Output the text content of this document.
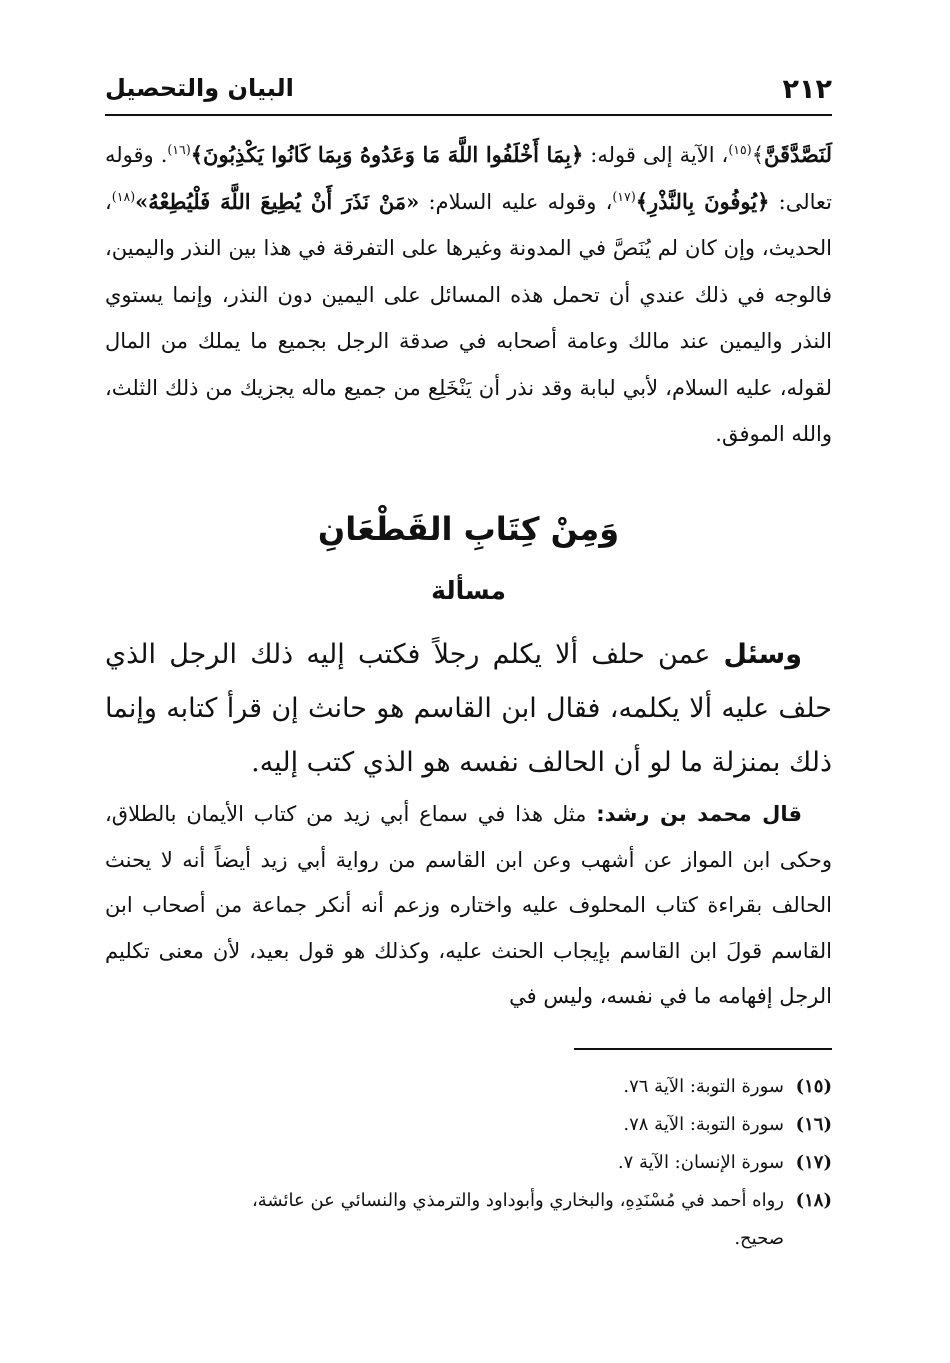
٢١٢
البيان والتحصيل
لَنَصَّدَّقَنَّ﴾$^{(١٥)}$، الآية إلى قوله: ﴿بِمَا أَخْلَفُوا اللَّهَ مَا وَعَدُوهُ وَبِمَا كَانُوا يَكْذِبُونَ﴾$^{(١٦)}$. وقوله تعالى: ﴿يُوفُونَ بِالنَّذْرِ﴾$^{(١٧)}$، وقوله عليه السلام: «مَنْ نَذَرَ أَنْ يُطِيعَ اللَّهَ فَلْيُطِعْهُ»$^{(١٨)}$، الحديث، وإن كان لم يُنَصَّ في المدونة وغيرها على التفرقة في هذا بين النذر واليمين، فالوجه في ذلك عندي أن تحمل هذه المسائل على اليمين دون النذر، وإنما يستوي النذر واليمين عند مالك وعامة أصحابه في صدقة الرجل بجميع ما يملك من المال لقوله، عليه السلام، لأبي لبابة وقد نذر أن يَنْخَلِع من جميع ماله يجزيك من ذلك الثلث، والله الموفق.
وَمِنْ كِتَابِ القَطْعَانِ
مسألة
وسئل عمن حلف ألا يكلم رجلاً فكتب إليه ذلك الرجل الذي حلف عليه ألا يكلمه، فقال ابن القاسم هو حانث إن قرأ كتابه وإنما ذلك بمنزلة ما لو أن الحالف نفسه هو الذي كتب إليه.
قال محمد بن رشد: مثل هذا في سماع أبي زيد من كتاب الأيمان بالطلاق، وحكى ابن المواز عن أشهب وعن ابن القاسم من رواية أبي زيد أيضاً أنه لا يحنث الحالف بقراءة كتاب المحلوف عليه واختاره وزعم أنه أنكر جماعة من أصحاب ابن القاسم قولَ ابن القاسم بإيجاب الحنث عليه، وكذلك هو قول بعيد، لأن معنى تكليم الرجل إفهامه ما في نفسه، وليس في
(١٥)
سورة التوبة: الآية ٧٦.
(١٦)
سورة التوبة: الآية ٧٨.
(١٧)
سورة الإنسان: الآية ٧.
(١٨)
رواه أحمد في مُسْنَدِهِ، والبخاري وأبوداود والترمذي والنسائي عن عائشة،
صحيح.
